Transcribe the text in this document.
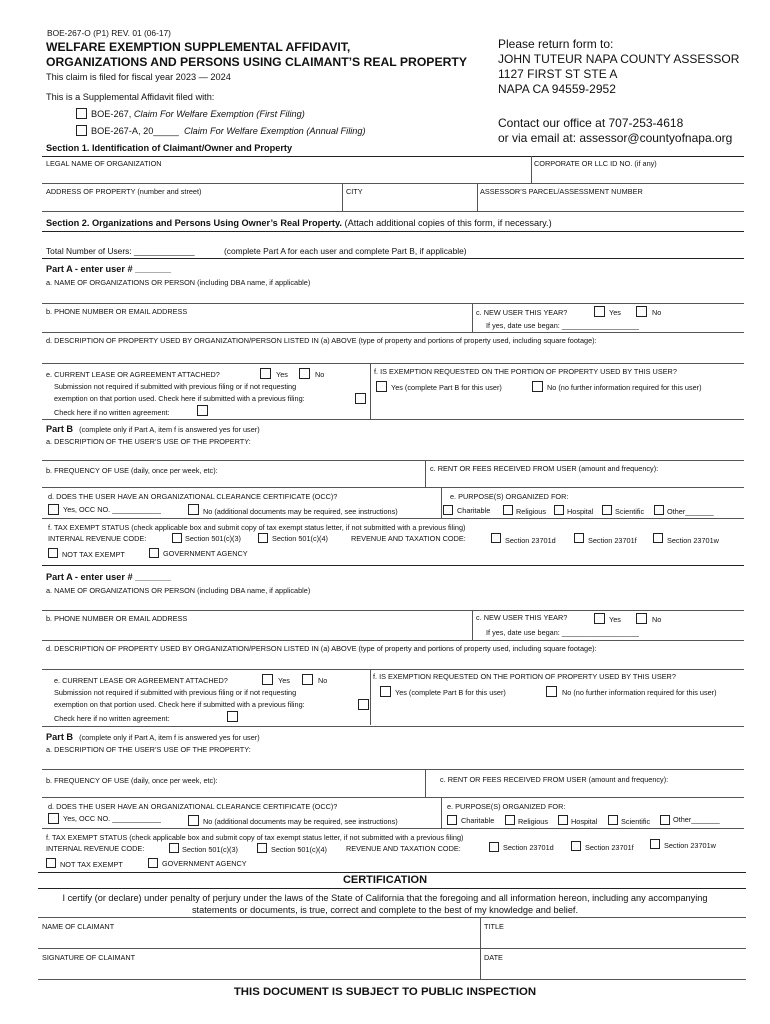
BOE-267-O (P1) REV. 01 (06-17)
WELFARE EXEMPTION SUPPLEMENTAL AFFIDAVIT,
ORGANIZATIONS AND PERSONS USING CLAIMANT’S REAL PROPERTY
This claim is filed for fiscal year 2023 — 2024
This is a Supplemental Affidavit filed with:
BOE-267, Claim For Welfare Exemption (First Filing)
BOE-267-A, 20_____ Claim For Welfare Exemption (Annual Filing)
Please return form to:
JOHN TUTEUR NAPA COUNTY ASSESSOR
1127 FIRST ST STE A
NAPA CA 94559-2952
Contact our office at 707-253-4618
or via email at: assessor@countyofnapa.org
Section 1. Identification of Claimant/Owner and Property
LEGAL NAME OF ORGANIZATION	CORPORATE OR LLC ID NO. (if any)
ADDRESS OF PROPERTY (number and street)	CITY	ASSESSOR’S PARCEL/ASSESSMENT NUMBER
Section 2. Organizations and Persons Using Owner’s Real Property. (Attach additional copies of this form, if necessary.)
Total Number of Users: _____________	(complete Part A for each user and complete Part B, if applicable)
Part A - enter user # _______
a. NAME OF ORGANIZATIONS OR PERSON (including DBA name, if applicable)
b. PHONE NUMBER OR EMAIL ADDRESS	c. NEW USER THIS YEAR?	Yes	No
If yes, date use began: ___________________
d. DESCRIPTION OF PROPERTY USED BY ORGANIZATION/PERSON LISTED IN (a) ABOVE (type of property and portions of property used, including square footage):
e. CURRENT LEASE OR AGREEMENT ATTACHED?	Yes	No
Submission not required if submitted with previous filing or if not requesting
exemption on that portion used. Check here if submitted with a previous filing:
Check here if no written agreement:
f. IS EXEMPTION REQUESTED ON THE PORTION OF PROPERTY USED BY THIS USER?
Yes (complete Part B for this user)	No (no further information required for this user)
Part B (complete only if Part A, item f is answered yes for user)
a. DESCRIPTION OF THE USER’S USE OF THE PROPERTY:
b. FREQUENCY OF USE (daily, once per week, etc):	c. RENT OR FEES RECEIVED FROM USER (amount and frequency):
d. DOES THE USER HAVE AN ORGANIZATIONAL CLEARANCE CERTIFICATE (OCC)?	e. PURPOSE(S) ORGANIZED FOR:
Yes, OCC NO. ____________	No (additional documents may be required, see instructions)	Charitable	Religious	Hospital	Scientific	Other_______
f. TAX EXEMPT STATUS (check applicable box and submit copy of tax exempt status letter, if not submitted with a previous filing)
INTERNAL REVENUE CODE:	Section 501(c)(3)	Section 501(c)(4)	REVENUE AND TAXATION CODE:	Section 23701d	Section 23701f	Section 23701w
NOT TAX EXEMPT	GOVERNMENT AGENCY
Part A - enter user # _______
a. NAME OF ORGANIZATIONS OR PERSON (including DBA name, if applicable)
b. PHONE NUMBER OR EMAIL ADDRESS	c. NEW USER THIS YEAR?	Yes	No
If yes, date use began: ___________________
d. DESCRIPTION OF PROPERTY USED BY ORGANIZATION/PERSON LISTED IN (a) ABOVE (type of property and portions of property used, including square footage):
e. CURRENT LEASE OR AGREEMENT ATTACHED?	Yes	No
Submission not required if submitted with previous filing or if not requesting
exemption on that portion used. Check here if submitted with a previous filing:
Check here if no written agreement:
f. IS EXEMPTION REQUESTED ON THE PORTION OF PROPERTY USED BY THIS USER?
Yes (complete Part B for this user)	No (no further information required for this user)
Part B (complete only if Part A, item f is answered yes for user)
a. DESCRIPTION OF THE USER’S USE OF THE PROPERTY:
b. FREQUENCY OF USE (daily, once per week, etc):	c. RENT OR FEES RECEIVED FROM USER (amount and frequency):
d. DOES THE USER HAVE AN ORGANIZATIONAL CLEARANCE CERTIFICATE (OCC)?	e. PURPOSE(S) ORGANIZED FOR:
Yes, OCC NO. ____________	No (additional documents may be required, see instructions)	Charitable	Religious	Hospital	Scientific	Other_______
f. TAX EXEMPT STATUS (check applicable box and submit copy of tax exempt status letter, if not submitted with a previous filing)
INTERNAL REVENUE CODE:	Section 501(c)(3)	Section 501(c)(4)	REVENUE AND TAXATION CODE:	Section 23701d	Section 23701f	Section 23701w
NOT TAX EXEMPT	GOVERNMENT AGENCY
CERTIFICATION
I certify (or declare) under penalty of perjury under the laws of the State of California that the foregoing and all information hereon, including any accompanying
statements or documents, is true, correct and complete to the best of my knowledge and belief.
NAME OF CLAIMANT	TITLE
SIGNATURE OF CLAIMANT	DATE
THIS DOCUMENT IS SUBJECT TO PUBLIC INSPECTION
